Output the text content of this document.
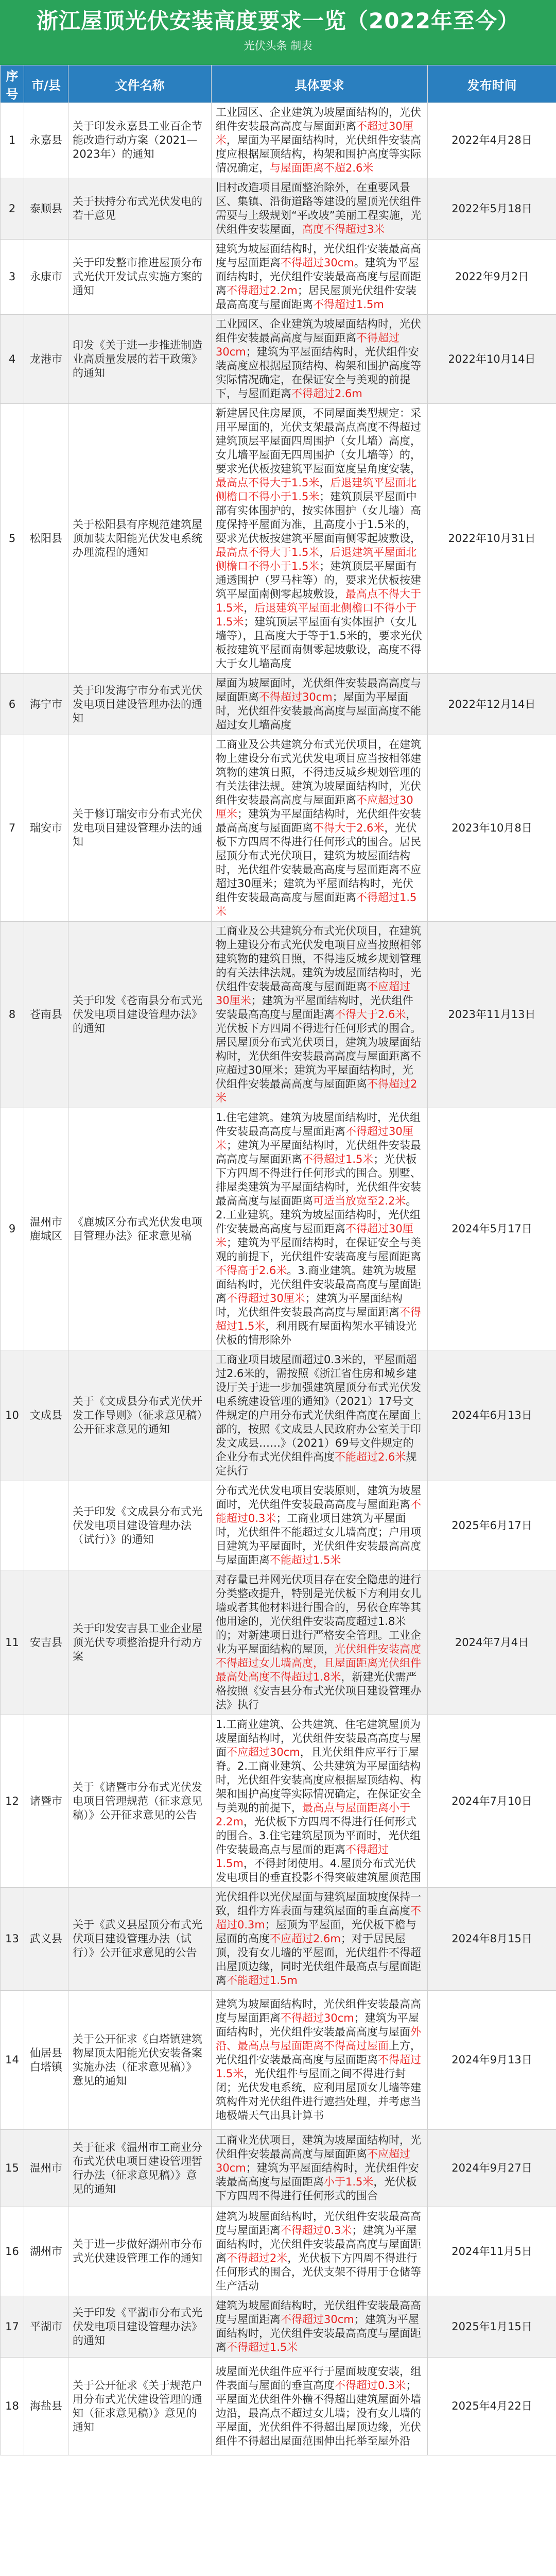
浙江屋顶光伏安装高度要求一览（2022年至今）
光伏头条 制表
序号	市/县	文件名称	具体要求	发布时间
1	永嘉县	关于印发永嘉县工业百企节能改造行动方案（2021—2023年）的通知	工业园区、企业建筑为坡屋面结构的，光伏组件安装最高高度与屋面距离不超过30厘米，屋面为平屋面结构时，光伏组件安装高度应根据屋顶结构，构架和围护高度等实际情况确定，与屋面距离不超2.6米	2022年4月28日
2	泰顺县	关于扶持分布式光伏发电的若干意见	旧村改造项目屋面整治除外，在重要风景区、集镇、沿街道路等建设的屋顶光伏组件需要与上级规划“平改坡”美丽工程实施，光伏组件安装屋面，高度不得超过3米	2022年5月18日
3	永康市	关于印发整市推进屋顶分布式光伏开发试点实施方案的通知	建筑为坡屋面结构时，光伏组件安装最高高度与屋面距离不得超过30cm。建筑为平屋面结构时，光伏组件安装最高高度与屋面距离不得超过2.2m；居民屋顶光伏组件安装最高高度与屋面距离不得超过1.5m	2022年9月2日
4	龙港市	印发《关于进一步推进制造业高质量发展的若干政策》的通知	工业园区、企业建筑为坡屋面结构时，光伏组件安装最高高度与屋面距离不得超过30cm；建筑为平屋面结构时，光伏组件安装高度应根据屋顶结构、构架和围护高度等实际情况确定，在保证安全与美观的前提下，与屋面距离不得超过2.6m	2022年10月14日
5	松阳县	关于松阳县有序规范建筑屋顶加装太阳能光伏发电系统办理流程的通知	新建居民住房屋顶，不同屋面类型规定：采用平屋面的，光伏支架最高点高度不得超过建筑顶层平屋面四周围护（女儿墙）高度，女儿墙平屋面无四周围护（女儿墙等）的，要求光伏板按建筑平屋面宽度呈角度安装，最高点不得大于1.5米，后退建筑平屋面北侧檐口不得小于1.5米；建筑顶层平屋面中部有实体围护的，按实体围护（女儿墙）高度保持平屋面为准，且高度小于1.5米的，要求光伏板按建筑平屋面南侧零起坡敷设，最高点不得大于1.5米，后退建筑平屋面北侧檐口不得小于1.5米；建筑顶层平屋面有通透围护（罗马柱等）的，要求光伏板按建筑平屋面南侧零起坡敷设，最高点不得大于1.5米，后退建筑平屋面北侧檐口不得小于1.5米；建筑顶层平屋面有实体围护（女儿墙等），且高度大于等于1.5米的，要求光伏板按建筑平屋面南侧零起坡敷设，高度不得大于女儿墙高度	2022年10月31日
6	海宁市	关于印发海宁市分布式光伏发电项目建设管理办法的通知	屋面为坡屋面时，光伏组件安装最高高度与屋面距离不得超过30cm；屋面为平屋面时，光伏组件安装最高高度与屋面高度不能超过女儿墙高度	2022年12月14日
7	瑞安市	关于修订瑞安市分布式光伏发电项目建设管理办法的通知	工商业及公共建筑分布式光伏项目，在建筑物上建设分布式光伏发电项目应当按相邻建筑物的建筑日照，不得违反城乡规划管理的有关法律法规。建筑为坡屋面结构时，光伏组件安装最高高度与屋面距离不应超过30厘米；建筑为平屋面结构时，光伏组件安装最高高度与屋面距离不得大于2.6米，光伏板下方四周不得进行任何形式的围合。居民屋顶分布式光伏项目，建筑为坡屋面结构时，光伏组件安装最高高度与屋面距离不应超过30厘米；建筑为平屋面结构时，光伏组件安装最高高度与屋面距离不得超过1.5米	2023年10月8日
8	苍南县	关于印发《苍南县分布式光伏发电项目建设管理办法》的通知	工商业及公共建筑分布式光伏项目，在建筑物上建设分布式光伏发电项目应当按照相邻建筑物的建筑日照，不得违反城乡规划管理的有关法律法规。建筑为坡屋面结构时，光伏组件安装最高高度与屋面距离不应超过30厘米；建筑为平屋面结构时，光伏组件安装最高高度与屋面距离不得大于2.6米，光伏板下方四周不得进行任何形式的围合。居民屋顶分布式光伏项目，建筑为坡屋面结构时，光伏组件安装最高高度与屋面距离不应超过30厘米；建筑为平屋面结构时，光伏组件安装最高高度与屋面距离不得超过2米	2023年11月13日
9	温州市鹿城区	《鹿城区分布式光伏发电项目管理办法》征求意见稿	1.住宅建筑。建筑为坡屋面结构时，光伏组件安装最高高度与屋面距离不得超过30厘米；建筑为平屋面结构时，光伏组件安装最高高度与屋面距离不得超过1.5米；光伏板下方四周不得进行任何形式的围合。别墅、排屋类建筑为平屋面结构时，光伏组件安装最高高度与屋面距离可适当放宽至2.2米。2.工业建筑。建筑为坡屋面结构时，光伏组件安装最高高度与屋面距离不得超过30厘米；建筑为平屋面结构时，在保证安全与美观的前提下，光伏组件安装高度与屋面距离不得高于2.6米。3.商业建筑。建筑为坡屋面结构时，光伏组件安装最高高度与屋面距离不得超过30厘米；建筑为平屋面结构时，光伏组件安装最高高度与屋面距离不得超过1.5米，利用既有屋面构架水平铺设光伏板的情形除外	2024年5月17日
10	文成县	关于《文成县分布式光伏开发工作导则》（征求意见稿）公开征求意见的通知	工商业项目坡屋面超过0.3米的，平屋面超过2.6米的，需按照《浙江省住房和城乡建设厅关于进一步加强建筑屋顶分布式光伏发电系统建设管理的通知》（2021）17号文件规定的户用分布式光伏组件高度在屋面上部的，按照《文成县人民政府办公室关于印发文成县……》（2021）69号文件规定的企业分布式光伏组件高度不能超过2.6米规定执行	2024年6月13日
		关于印发《文成县分布式光伏发电项目建设管理办法（试行）》的通知	分布式光伏发电项目安装原则，建筑为坡屋面时，光伏组件安装最高高度与屋面距离不能超过0.3米；工商业项目建筑为平屋面时，光伏组件不能超过女儿墙高度；户用项目建筑为平屋面时，光伏组件安装最高高度与屋面距离不能超过1.5米	2025年6月17日
11	安吉县	关于印发安吉县工业企业屋顶光伏专项整治提升行动方案	对存量已并网光伏项目存在安全隐患的进行分类整改提升，特别是光伏板下方利用女儿墙或者其他材料进行围合的，另依仓库等其他用途的，光伏组件安装高度超过1.8米的；对新建项目进行严格安全管理。工业企业为平屋面结构的屋顶，光伏组件安装高度不得超过女儿墙高度，且屋面距离光伏组件最高处高度不得超过1.8米，新建光伏需严格按照《安吉县分布式光伏项目建设管理办法》执行	2024年7月4日
12	诸暨市	关于《诸暨市分布式光伏发电项目管理规范（征求意见稿）》公开征求意见的公告	1.工商业建筑、公共建筑、住宅建筑屋顶为坡屋面结构时，光伏组件安装最高高度与屋面不应超过30cm，且光伏组件应平行于屋脊。2.工商业建筑、公共建筑为平屋面结构时，光伏组件安装高度应根据屋顶结构、构架和围护高度等实际情况确定，在保证安全与美观的前提下，最高点与屋面距离小于2.2m，光伏板下方四周不得进行任何形式的围合。3.住宅建筑屋顶为平面时，光伏组件安装最高点与屋面的距离不得超过1.5m，不得封闭使用。4.屋顶分布式光伏发电项目的垂直投影不得突破建筑屋顶范围	2024年7月10日
13	武义县	关于《武义县屋顶分布式光伏项目建设管理办法（试行）》公开征求意见的公告	光伏组件以光伏屋面与建筑屋面坡度保持一致，组件方阵表面与建筑屋面的垂直高度不超过0.3m；屋顶为平屋面，光伏板下檐与屋面的高度不应超过2.6m；对于居民屋顶，没有女儿墙的平屋面，光伏组件不得超出屋顶边缘，同时光伏组件最高点与屋面距离不能超过1.5m	2024年8月15日
14	仙居县白塔镇	关于公开征求《白塔镇建筑物屋顶太阳能光伏安装备案实施办法（征求意见稿）》意见的通知	建筑为坡屋面结构时，光伏组件安装最高高度与屋面距离不得超过30cm；建筑为平屋面结构时，光伏组件安装最高高度与屋面外沿、最高点与屋面距离不得高过屋面上方，光伏组件安装最高高度与屋面距离不得超过1.5米，光伏组件与屋面之间不得进行封闭；光伏发电系统，应利用屋顶女儿墙等建筑构件对光伏组件进行遮挡处理，并考虑当地极端天气出具计算书	2024年9月13日
15	温州市	关于征求《温州市工商业分布式光伏电项目建设管理暂行办法（征求意见稿）》意见的通知	工商业光伏项目，建筑为坡屋面结构时，光伏组件安装最高高度与屋面距离不应超过30cm；建筑为平屋面结构时，光伏组件安装最高高度与屋面距离小于1.5米，光伏板下方四周不得进行任何形式的围合	2024年9月27日
16	湖州市	关于进一步做好湖州市分布式光伏建设管理工作的通知	建筑为坡屋面结构时，光伏组件安装最高高度与屋面距离不得超过0.3米；建筑为平屋面结构时，光伏组件安装最高高度与屋面距离不得超过2米，光伏板下方四周不得进行任何形式的围合，光伏支架不得用于仓储等生产活动	2024年11月5日
17	平湖市	关于印发《平湖市分布式光伏发电项目建设管理办法》的通知	建筑为坡屋面结构时，光伏组件安装最高高度与屋面距离不得超过30cm；建筑为平屋面结构时，光伏组件安装最高高度与屋面距离不得超过1.5米	2025年1月15日
18	海盐县	关于公开征求《关于规范户用分布式光伏建设管理的通知（征求意见稿）》意见的通知	坡屋面光伏组件应平行于屋面坡度安装，组件表面与屋面的垂直高度不得超过0.3米；平屋面光伏组件外檐不得超出建筑屋面外墙边沿，最高点不超过女儿墙；没有女儿墙的平屋面，光伏组件不得超出屋顶边缘，光伏组件不得超出屋面范围伸出托举至屋外沿	2025年4月22日
